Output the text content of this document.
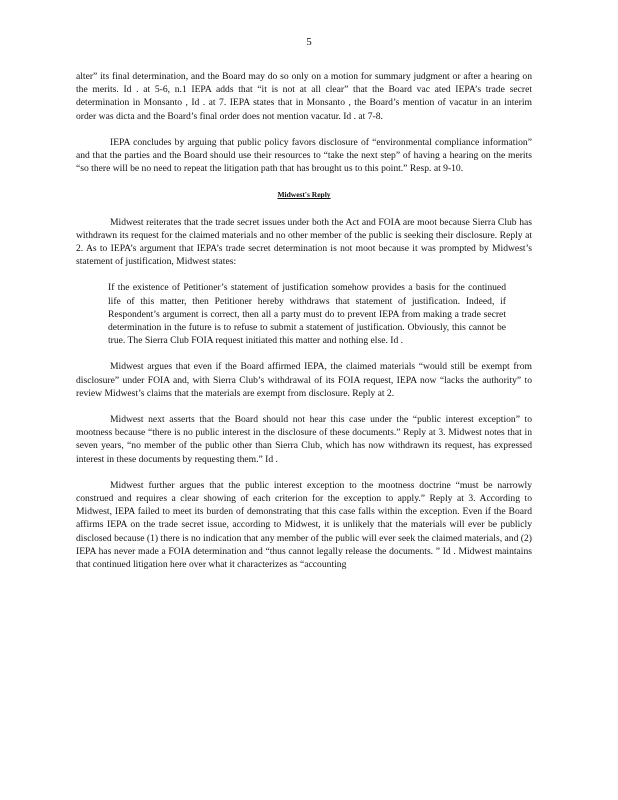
5

alter” its final determination, and the Board may do so only on a motion for summary judgment or after a hearing on the merits. Id . at 5-6, n.1 IEPA adds that “it is not at all clear” that the Board vac ated IEPA’s trade secret determination in Monsanto , Id . at 7. IEPA states that in Monsanto , the Board’s mention of vacatur in an interim order was dicta and the Board’s final order does not mention vacatur. Id . at 7-8.

IEPA concludes by arguing that public policy favors disclosure of “environmental compliance information” and that the parties and the Board should use their resources to “take the next step” of having a hearing on the merits “so there will be no need to repeat the litigation path that has brought us to this point.” Resp. at 9-10.

Midwest's Reply

Midwest reiterates that the trade secret issues under both the Act and FOIA are moot because Sierra Club has withdrawn its request for the claimed materials and no other member of the public is seeking their disclosure. Reply at 2. As to IEPA’s argument that IEPA’s trade secret determination is not moot because it was prompted by Midwest’s statement of justification, Midwest states:

If the existence of Petitioner’s statement of justification somehow provides a basis for the continued life of this matter, then Petitioner hereby withdraws that statement of justification. Indeed, if Respondent’s argument is correct, then all a party must do to prevent IEPA from making a trade secret determination in the future is to refuse to submit a statement of justification. Obviously, this cannot be true. The Sierra Club FOIA request initiated this matter and nothing else. Id .

Midwest argues that even if the Board affirmed IEPA, the claimed materials “would still be exempt from disclosure” under FOIA and, with Sierra Club’s withdrawal of its FOIA request, IEPA now “lacks the authority” to review Midwest’s claims that the materials are exempt from disclosure. Reply at 2.

Midwest next asserts that the Board should not hear this case under the “public interest exception” to mootness because “there is no public interest in the disclosure of these documents.” Reply at 3. Midwest notes that in seven years, “no member of the public other than Sierra Club, which has now withdrawn its request, has expressed interest in these documents by requesting them.” Id .

Midwest further argues that the public interest exception to the mootness doctrine “must be narrowly construed and requires a clear showing of each criterion for the exception to apply.” Reply at 3. According to Midwest, IEPA failed to meet its burden of demonstrating that this case falls within the exception. Even if the Board affirms IEPA on the trade secret issue, according to Midwest, it is unlikely that the materials will ever be publicly disclosed because (1) there is no indication that any member of the public will ever seek the claimed materials, and (2) IEPA has never made a FOIA determination and “thus cannot legally release the documents. ” Id . Midwest maintains that continued litigation here over what it characterizes as “accounting
